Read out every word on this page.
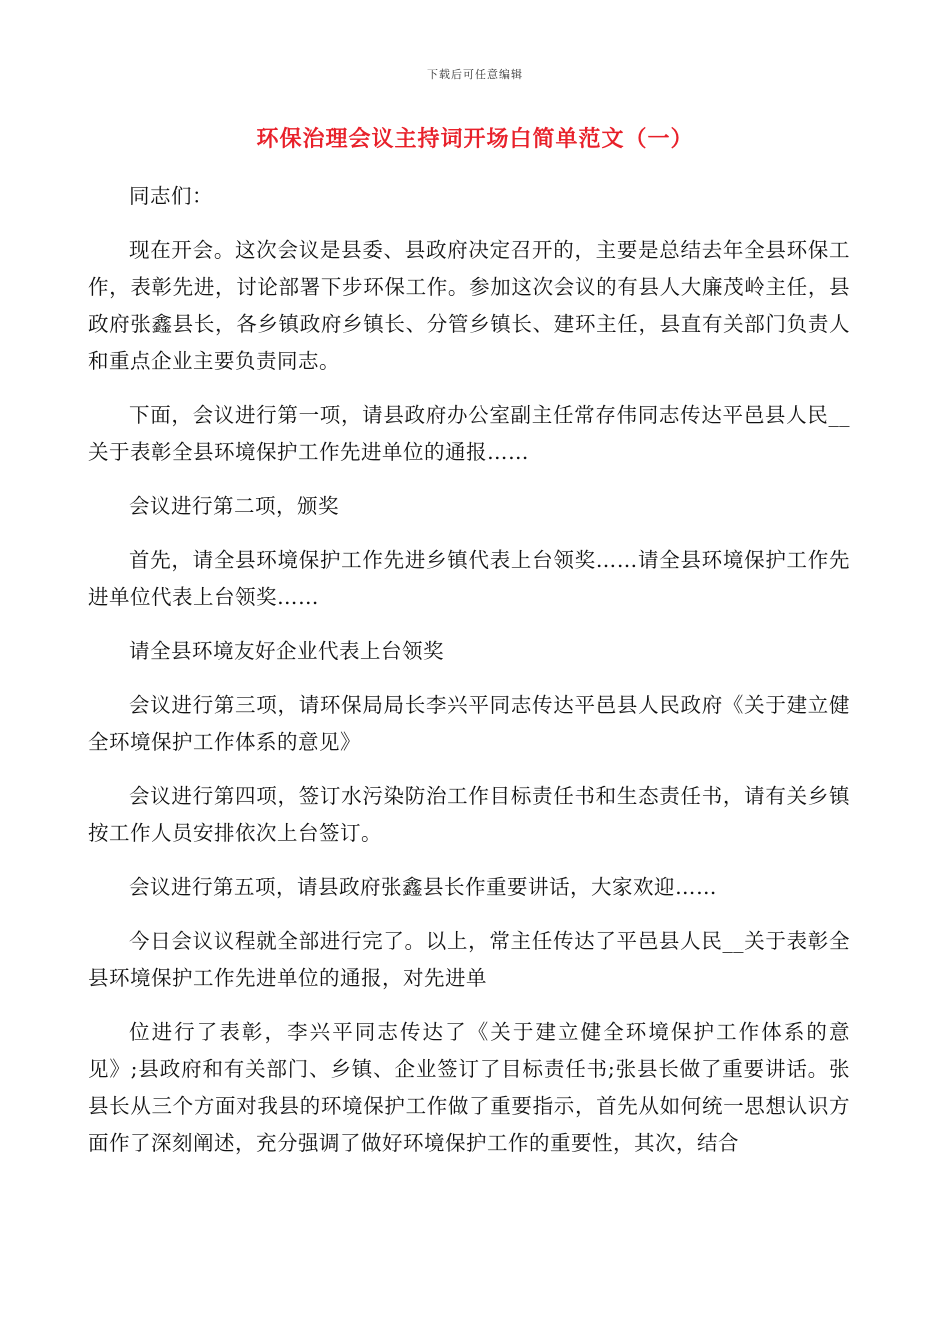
下载后可任意编辑
环保治理会议主持词开场白简单范文（一）

同志们：

现在开会。这次会议是县委、县政府决定召开的，主要是总结去年全县环保工作，表彰先进，讨论部署下步环保工作。参加这次会议的有县人大廉茂岭主任，县政府张鑫县长，各乡镇政府乡镇长、分管乡镇长、建环主任，县直有关部门负责人和重点企业主要负责同志。

下面，会议进行第一项，请县政府办公室副主任常存伟同志传达平邑县人民__关于表彰全县环境保护工作先进单位的通报……

会议进行第二项，颁奖

首先，请全县环境保护工作先进乡镇代表上台领奖……请全县环境保护工作先进单位代表上台领奖……

请全县环境友好企业代表上台领奖

会议进行第三项，请环保局局长李兴平同志传达平邑县人民政府《关于建立健全环境保护工作体系的意见》

会议进行第四项，签订水污染防治工作目标责任书和生态责任书，请有关乡镇按工作人员安排依次上台签订。

会议进行第五项，请县政府张鑫县长作重要讲话，大家欢迎……

今日会议议程就全部进行完了。以上，常主任传达了平邑县人民__关于表彰全县环境保护工作先进单位的通报，对先进单

位进行了表彰，李兴平同志传达了《关于建立健全环境保护工作体系的意见》;县政府和有关部门、乡镇、企业签订了目标责任书;张县长做了重要讲话。张县长从三个方面对我县的环境保护工作做了重要指示，首先从如何统一思想认识方面作了深刻阐述，充分强调了做好环境保护工作的重要性，其次，结合
